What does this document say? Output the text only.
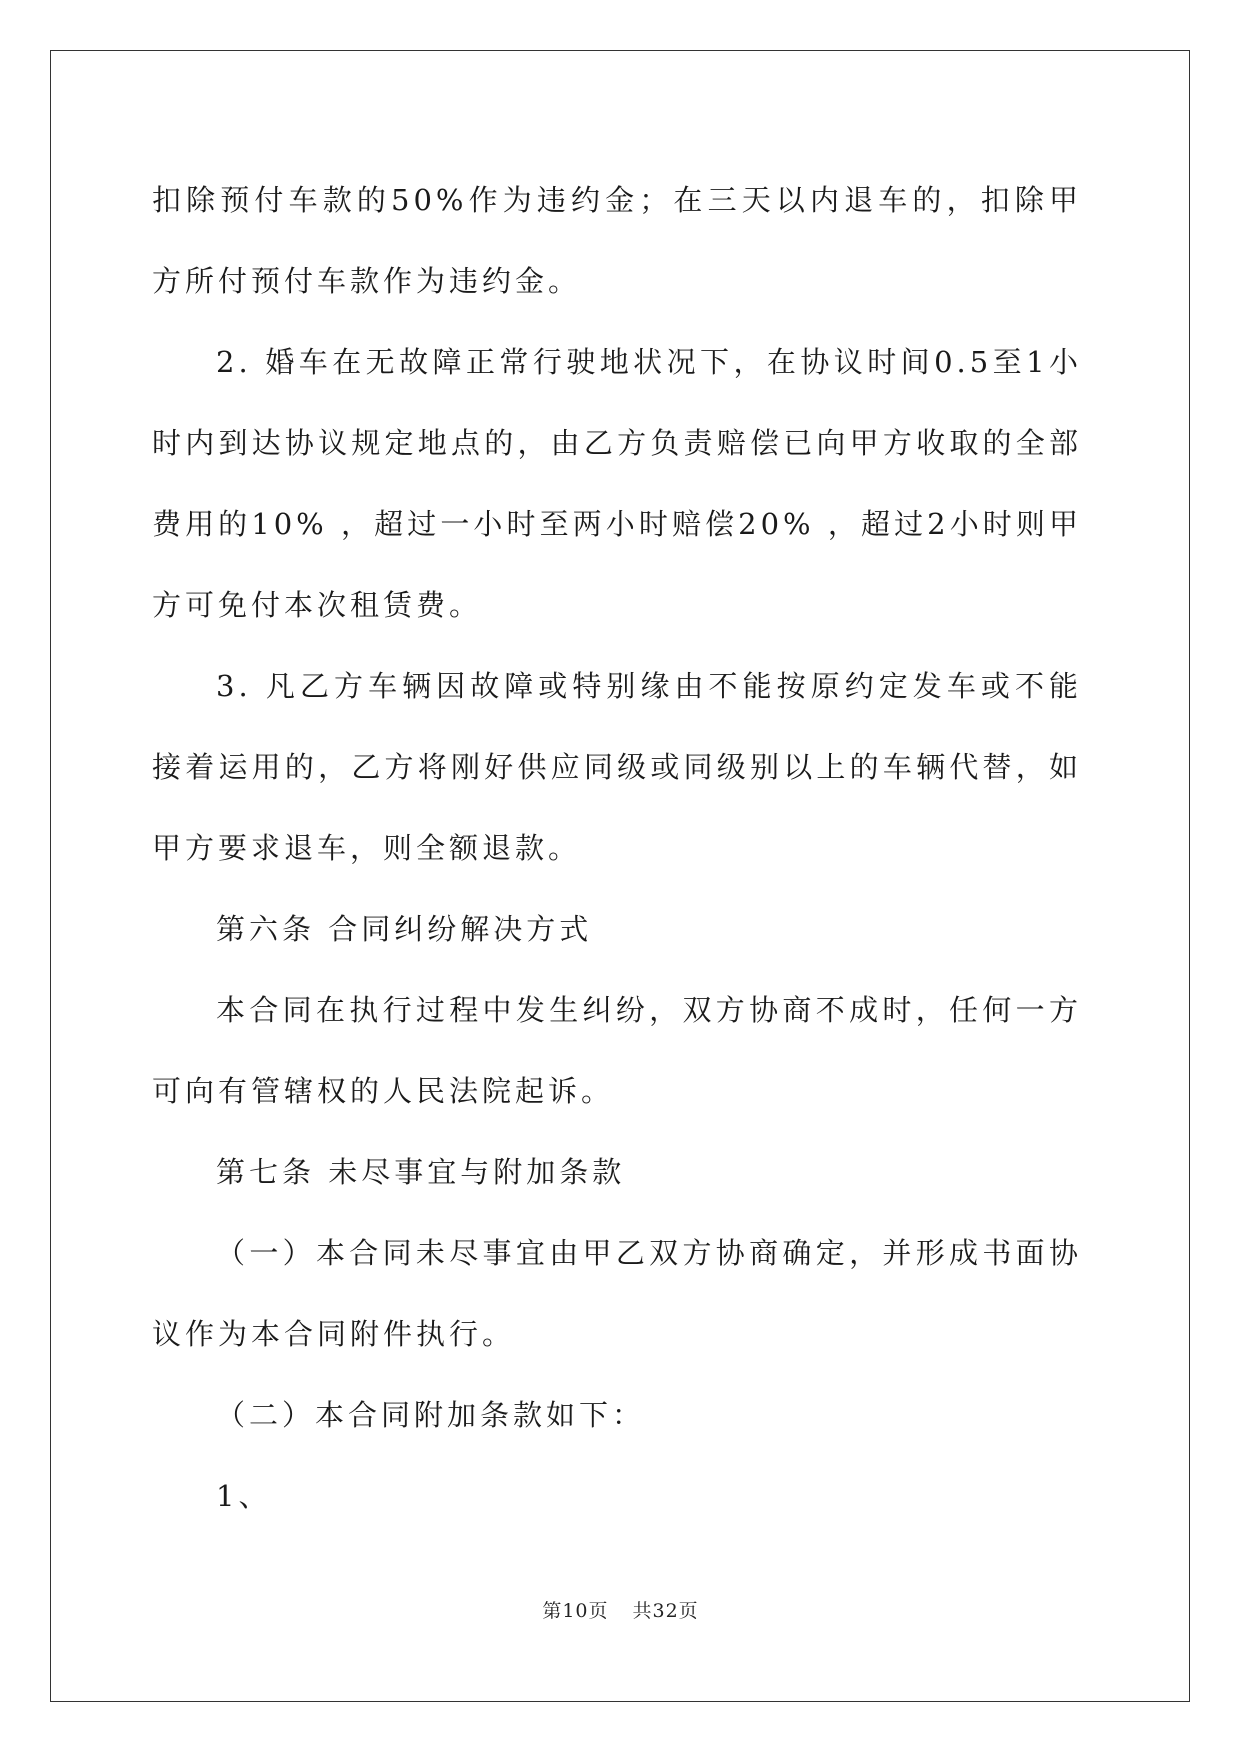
扣除预付车款的50%作为违约金；在三天以内退车的，扣除甲方所付预付车款作为违约金。

2. 婚车在无故障正常行驶地状况下，在协议时间0.5至1小时内到达协议规定地点的，由乙方负责赔偿已向甲方收取的全部费用的10% ，超过一小时至两小时赔偿20% ，超过2小时则甲方可免付本次租赁费。

3. 凡乙方车辆因故障或特别缘由不能按原约定发车或不能接着运用的，乙方将刚好供应同级或同级别以上的车辆代替，如甲方要求退车，则全额退款。

第六条 合同纠纷解决方式

本合同在执行过程中发生纠纷，双方协商不成时，任何一方可向有管辖权的人民法院起诉。

第七条 未尽事宜与附加条款

（一）本合同未尽事宜由甲乙双方协商确定，并形成书面协议作为本合同附件执行。

（二）本合同附加条款如下：

1、

第10页 共32页
